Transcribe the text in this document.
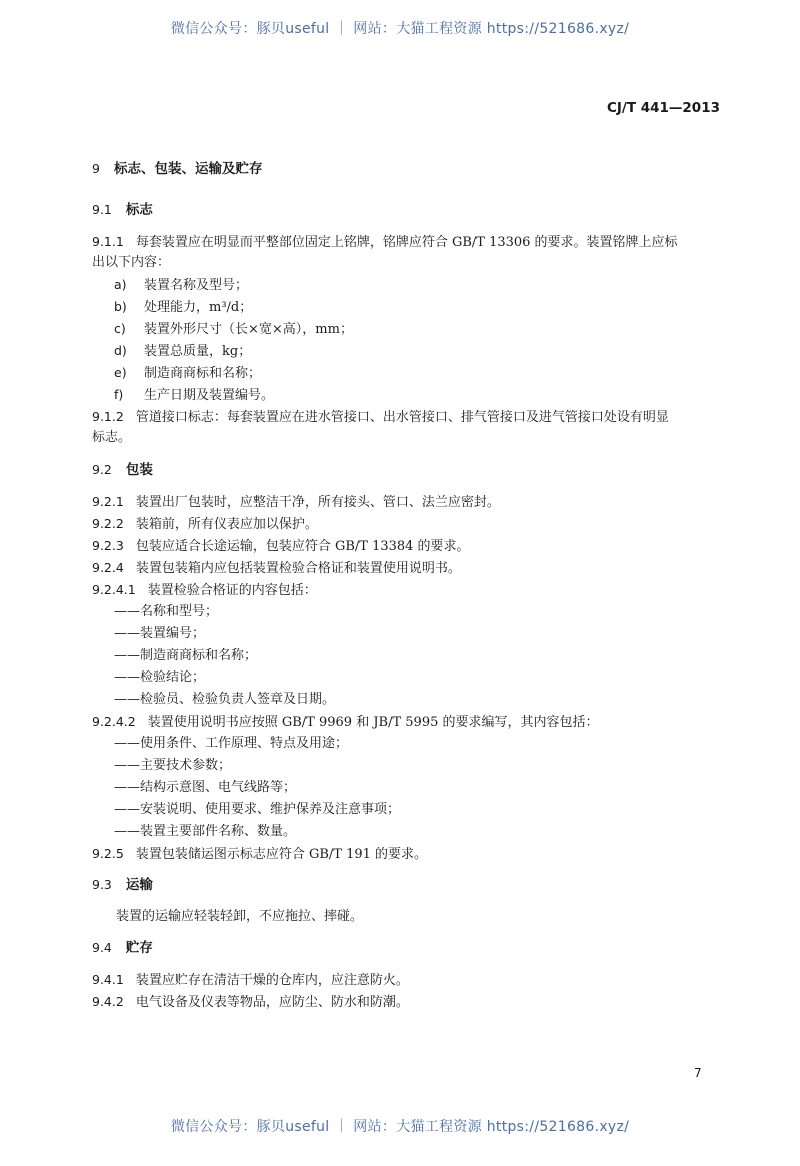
微信公众号：豚贝useful ｜ 网站：大猫工程资源 https://521686.xyz/
CJ/T 441—2013
9 标志、包装、运输及贮存
9.1 标志
9.1.1 每套装置应在明显而平整部位固定上铭牌，铭牌应符合 GB/T 13306 的要求。装置铭牌上应标
出以下内容：
a) 装置名称及型号；
b) 处理能力，m³/d；
c) 装置外形尺寸（长×宽×高），mm；
d) 装置总质量，kg；
e) 制造商商标和名称；
f) 生产日期及装置编号。
9.1.2 管道接口标志：每套装置应在进水管接口、出水管接口、排气管接口及进气管接口处设有明显
标志。
9.2 包装
9.2.1 装置出厂包装时，应整洁干净，所有接头、管口、法兰应密封。
9.2.2 装箱前，所有仪表应加以保护。
9.2.3 包装应适合长途运输，包装应符合 GB/T 13384 的要求。
9.2.4 装置包装箱内应包括装置检验合格证和装置使用说明书。
9.2.4.1 装置检验合格证的内容包括：
——名称和型号；
——装置编号；
——制造商商标和名称；
——检验结论；
——检验员、检验负责人签章及日期。
9.2.4.2 装置使用说明书应按照 GB/T 9969 和 JB/T 5995 的要求编写，其内容包括：
——使用条件、工作原理、特点及用途；
——主要技术参数；
——结构示意图、电气线路等；
——安装说明、使用要求、维护保养及注意事项；
——装置主要部件名称、数量。
9.2.5 装置包装储运图示标志应符合 GB/T 191 的要求。
9.3 运输
装置的运输应轻装轻卸，不应拖拉、摔碰。
9.4 贮存
9.4.1 装置应贮存在清洁干燥的仓库内，应注意防火。
9.4.2 电气设备及仪表等物品，应防尘、防水和防潮。
7
微信公众号：豚贝useful ｜ 网站：大猫工程资源 https://521686.xyz/
